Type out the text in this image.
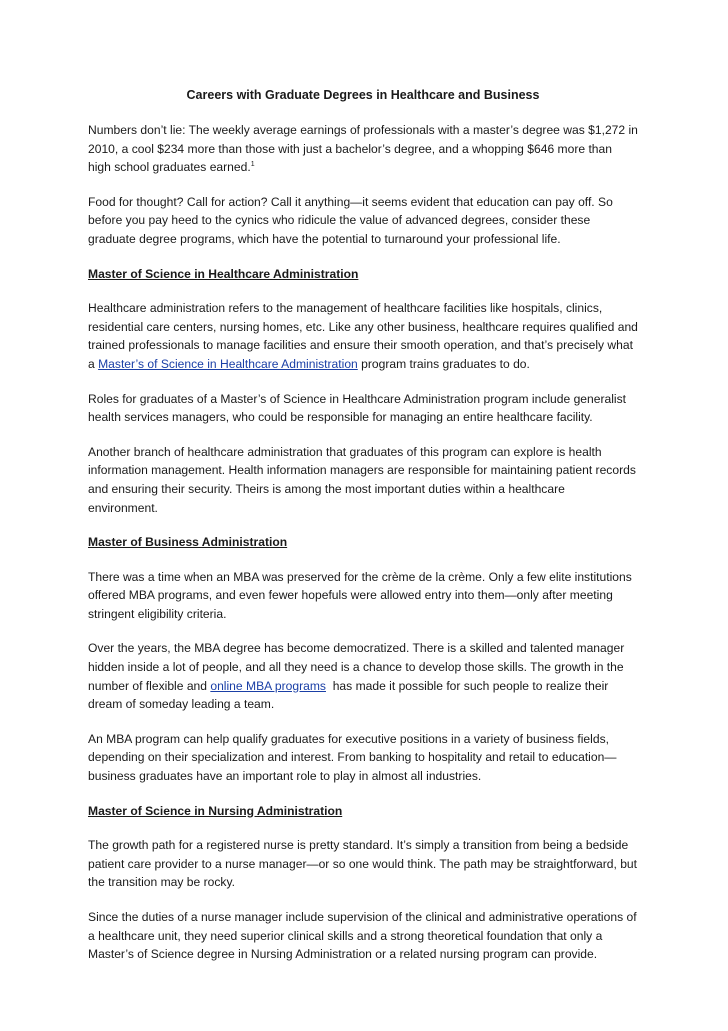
Careers with Graduate Degrees in Healthcare and Business

Numbers don’t lie: The weekly average earnings of professionals with a master’s degree was $1,272 in 2010, a cool $234 more than those with just a bachelor’s degree, and a whopping $646 more than high school graduates earned.$^1$

Food for thought? Call for action? Call it anything—it seems evident that education can pay off. So before you pay heed to the cynics who ridicule the value of advanced degrees, consider these graduate degree programs, which have the potential to turnaround your professional life.

Master of Science in Healthcare Administration

Healthcare administration refers to the management of healthcare facilities like hospitals, clinics, residential care centers, nursing homes, etc. Like any other business, healthcare requires qualified and trained professionals to manage facilities and ensure their smooth operation, and that’s precisely what a Master’s of Science in Healthcare Administration program trains graduates to do.

Roles for graduates of a Master’s of Science in Healthcare Administration program include generalist health services managers, who could be responsible for managing an entire healthcare facility.

Another branch of healthcare administration that graduates of this program can explore is health information management. Health information managers are responsible for maintaining patient records and ensuring their security. Theirs is among the most important duties within a healthcare environment.

Master of Business Administration

There was a time when an MBA was preserved for the crème de la crème. Only a few elite institutions offered MBA programs, and even fewer hopefuls were allowed entry into them—only after meeting stringent eligibility criteria.

Over the years, the MBA degree has become democratized. There is a skilled and talented manager hidden inside a lot of people, and all they need is a chance to develop those skills. The growth in the number of flexible and online MBA programs  has made it possible for such people to realize their dream of someday leading a team.

An MBA program can help qualify graduates for executive positions in a variety of business fields, depending on their specialization and interest. From banking to hospitality and retail to education—business graduates have an important role to play in almost all industries.

Master of Science in Nursing Administration

The growth path for a registered nurse is pretty standard. It’s simply a transition from being a bedside patient care provider to a nurse manager—or so one would think. The path may be straightforward, but the transition may be rocky.

Since the duties of a nurse manager include supervision of the clinical and administrative operations of a healthcare unit, they need superior clinical skills and a strong theoretical foundation that only a Master’s of Science degree in Nursing Administration or a related nursing program can provide.
